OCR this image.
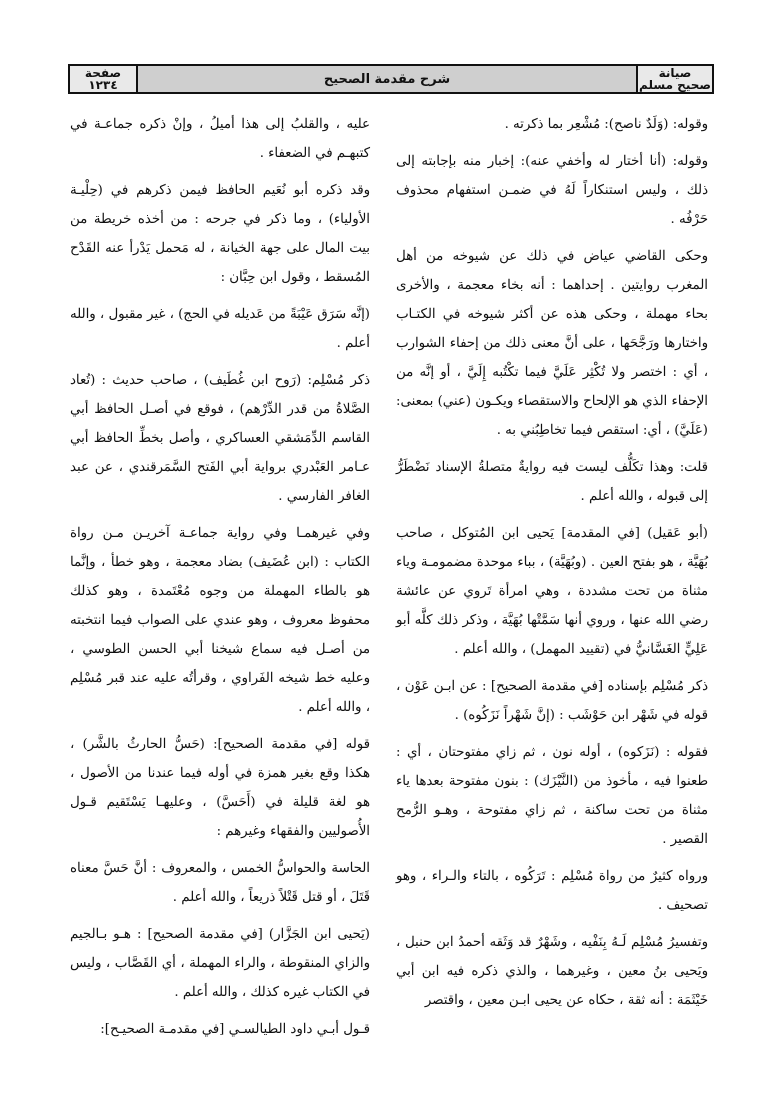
صيانة
صحيح مسلم
شرح مقدمة الصحيح
صفحة
١٢٣٤

وقوله: (وَلَدٌ ناصح): مُشْعِر بما ذكرته .

وقوله: (أنا أختار له وأخفي عنه): إخبار منه بإجابته إلى ذلك ، وليس استنكاراً لَهُ في ضمـن استفهام محذوف حَرْفُه .

وحكى القاضي عياض في ذلك عن شيوخه من أهل المغرب روايتين . إحداهما : أنه بخاء معجمة ، والأخرى بحاء مهملة ، وحكى هذه عن أكثر شيوخه في الكتـاب واختارها ورَجَّحَها ، على أنَّ معنى ذلك من إحفاء الشوارب ، أي : اختصر ولا تُكْثِر عَلَيَّ فيما تكْتُبه إِلَيَّ ، أو إنَّه من الإحفاء الذي هو الإلحاح والاستقصاء ويكـون (عني) بمعنى: (عَلَيَّ) ، أي: استقص فيما تخاطِبُني به .

قلت: وهذا تكَلُّف ليست فيه روايةٌ متصلةُ الإسناد نَضْطَرُّ إلى قبوله ، والله أعلم .

(أبو عَقيل) [في المقدمة] يَحيى ابن المُتوكل ، صاحب بُهَيَّة ، هو بفتح العين . (وبُهَيَّة) ، بباء موحدة مضمومـة وياء مثناة من تحت مشددة ، وهي امرأة تَروي عن عائشة رضي الله عنها ، وروي أنها سَمَّتْها بُهَيَّة ، وذكر ذلك كلَّه أبو عَلِيٍّ الغَسَّانيُّ في (تقييد المهمل) ، والله أعلم .

ذكر مُسْلِم بإسناده [في مقدمة الصحيح] : عن ابـن عَوْن ، قوله في شَهْر ابن حَوْشَب : (إنَّ شَهْراً نَزَكُوه) .

فقوله : (نَزَكوه) ، أوله نون ، ثم زاي مفتوحتان ، أي : طعنوا فيه ، مأخوذ من (النَّيْزَك) : بنون مفتوحة بعدها ياء مثناة من تحت ساكنة ، ثم زاي مفتوحة ، وهـو الرُّمح القصير .

ورواه كثيرٌ من رواة مُسْلِم : تَرَكُوه ، بالتاء والـراء ، وهو تصحيف .

وتفسيرُ مُسْلِم لَـهُ بِنَفْيه ، وشَهْرٌ قد وَثَقه أحمدُ ابن حنبل ، ويَحيى بنُ معين ، وغيرهما ، والذي ذكره فيه ابن أبي خَيْثَمَة : أنه ثقة ، حكاه عن يحيى ابـن معين ، واقتصر

عليه ، والقلبُ إلى هذا أميلُ ، وإنْ ذكره جماعـة في كتبهـم في الضعفاء .

وقد ذكره أبو نُعَيم الحافظ فيمن ذكرهم في (حِلْيـة الأولياء) ، وما ذكر في جرحه : من أخذه خريطة من بيت المال على جهة الخيانة ، له مَحمل يَدْرأ عنه القَدْح المُسقط ، وقول ابن حِبَّان :

(إنَّه سَرَق عَيْبَةً من عَديله في الحج) ، غير مقبول ، والله أعلم .

ذكر مُسْلِم: (رَوح ابن غُطَيف) ، صاحب حديث : (تُعاد الصَّلاةُ من قدر الدِّرْهم) ، فوقع في أصـل الحافظ أبي القاسم الدِّمَشقي العساكري ، وأصل بخطِّ الحافظ أبي عـامر العَبْدري برواية أبي الفَتح السَّمَرقندي ، عن عبد الغافر الفارسي .

وفي غيرهمـا وفي رواية جماعـة آخريـن مـن رواة الكتاب : (ابن عُضَيف) بضاد معجمة ، وهو خطأ ، وإنَّما هو بالطاء المهملة من وجوه مُعْتَمدة ، وهو كذلك محفوظ معروف ، وهو عندي على الصواب فيما انتخبته من أصـل فيه سماع شيخنا أبي الحسن الطوسي ، وعليه خط شيخه الفَراوي ، وقرأتُه عليه عند قبر مُسْلِم ، والله أعلم .

قوله [في مقدمة الصحيح]: (حَسُّ الحارثُ بالشَّر) ، هكذا وقع بغير همزة في أوله فيما عندنا من الأصول ، هو لغة قليلة في (أَحَسَّ) ، وعليهـا يَسْتَقيم قـول الأُصوليين والفقهاء وغيرهم :

الحاسة والحواسُّ الخمس ، والمعروف : أنَّ حَسَّ معناه قَتَلَ ، أو قتل قَتْلاً ذريعاً ، والله أعلم .

(يَحيى ابن الجَزَّار) [في مقدمة الصحيح] : هـو بـالجيم والزاي المنقوطة ، والراء المهملة ، أي القَصَّاب ، وليس في الكتاب غيره كذلك ، والله أعلم .

قـول أبـي داود الطيالسـي [في مقدمـة الصحيـح]:
